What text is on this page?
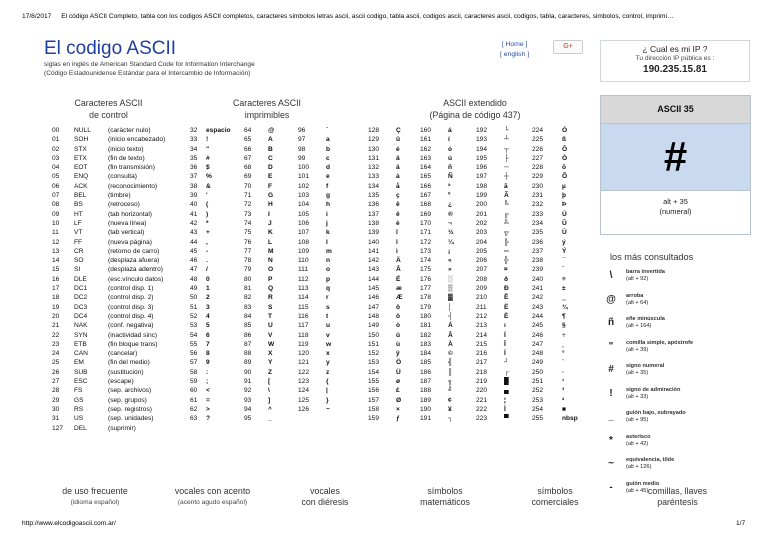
17/8/2017 El código ASCII Completo, tabla con los codigos ASCII completos, caracteres simbolos letras ascii, ascii codigo, tabla ascii, codigos ascii, caracteres ascii, codigos, tabla, caracteres, simbolos, control, imprimi…
El codigo ASCII
siglas en inglés de American Standard Code for Information Interchange
(Código Estadounidense Estándar para el Intercambio de Información)
[ Home ]
[ english ]
G+	¿ Cual es mi IP ?
Tu dirección IP pública es :
190.235.15.81
Caracteres ASCII
de control
Caracteres ASCII
imprimibles
ASCII extendido
(Página de código 437)
00 NULL	(carácter nulo)
01 SOH	(inicio encabezado)
02 STX	(inicio texto)
03 ETX	(fin de texto)
04 EOT	(fin transmisión)
05 ENQ	(consulta)
06 ACK	(reconocimiento)
07 BEL	(timbre)
08 BS	(retroceso)
09 HT	(tab horizontal)
10 LF	(nueva línea)
11 VT	(tab vertical)
12 FF	(nueva página)
13 CR	(retorno de carro)
14 SO	(desplaza afuera)
15 SI	(desplaza adentro)
16 DLE	(esc.vínculo datos)
17 DC1	(control disp. 1)
18 DC2	(control disp. 2)
19 DC3	(control disp. 3)
20 DC4	(control disp. 4)
21 NAK	(conf. negativa)
22 SYN	(inactividad sinc)
23 ETB	(fin bloque trans)
24 CAN	(cancelar)
25 EM	(fin del medio)
26 SUB	(sustitución)
27 ESC	(escape)
28 FS	(sep. archivos)
29 GS	(sep. grupos)
30 RS	(sep. registros)
31 US	(sep. unidades)
127 DEL	(suprimir)
32 espacio 64	@	96	`
33 !	65	A	97	a
34 "	66	B	98	b
35 #	67	C	99	c
36 $	68	D	100	d
37 %	69	E	101	e
38 &	70	F	102	f
39 '	71	G	103	g
40 (	72	H	104	h
41 )	73	I	105	i
42 *	74	J	106	j
43 +	75	K	107	k
44 ,	76	L	108	l
45 -	77	M	109	m
46 .	78	N	110	n
47 /	79	O	111	o
48 0	80	P	112	p
49 1	81	Q	113	q
50 2	82	R	114	r
51 3	83	S	115	s
52 4	84	T	116	t
53 5	85	U	117	u
54 6	86	V	118	v
55 7	87	W	119	w
56 8	88	X	120	x
57 9	89	Y	121	y
58 :	90	Z	122	z
59 ;	91	[	123	{
60 <	92	\	124	|
61 =	93	]	125	}
62 >	94	^	126	~
63 ?	95	_
128	Ç	160	á	192	└	224	Ó
129	ü	161	í	193	┴	225	ß
130	é	162	ó	194	┬	226	Ô
131	â	163	ú	195	├	227	Ò
132	ä	164	ñ	196	─	228	õ
133	à	165	Ñ	197	┼	229	Õ
134	å	166	ª	198	ã	230	µ
135	ç	167	º	199	Ã	231	þ
136	ê	168	¿	200	╚	232	Þ
137	ë	169	®	201	╔	233	Ú
138	è	170	¬	202	╩	234	Û
139	ï	171	½	203	╦	235	Ù
140	î	172	¼	204	╠	236	ý
141	ì	173	¡	205	═	237	Ý
142	Ä	174	«	206	╬	238	¯
143	Å	175	»	207	¤	239	´
144	É	176	░	208	ð	240	≡
145	æ	177	▒	209	Ð	241	±
146	Æ	178	▓	210	Ê	242	‗
147	ô	179	│	211	Ë	243	¾
148	ö	180	┤	212	È	244	¶
149	ò	181	Á	213	ı	245	§
150	û	182	Â	214	Í	246	÷
151	ù	183	À	215	Î	247	¸
152	ÿ	184	©	216	Ï	248	°
153	Ö	185	╣	217	┘	249	¨
154	Ü	186	║	218	┌	250	·
155	ø	187	╗	219	█	251	¹
156	£	188	╝	220	▄	252	³
157	Ø	189	¢	221	¦	253	²
158	×	190	¥	222	Ì	254	■
159	ƒ	191	┐	223	▀	255	nbsp
ASCII 35
#
alt + 35
(numeral)
los más consultados
\	barra invertida
(alt + 92)
@	arroba
(alt + 64)
ñ	eñe minúscula
(alt + 164)
"	comilla simple, apóstrofe
(alt + 39)
#	signo numeral
(alt + 35)
!	signo de admiración
(alt + 33)
_	guión bajo, subrayado
(alt + 95)
*	asterisco
(alt + 42)
~	equivalencia, tilde
(alt + 126)
-	guión medio
(alt + 45)
de uso frecuente
(idioma español)
vocales con acento
(acento agudo español)
vocales
con diéresis
símbolos
matemáticos
símbolos
comerciales
comillas, llaves
paréntesis
http://www.elcodigoascii.com.ar/	1/7
